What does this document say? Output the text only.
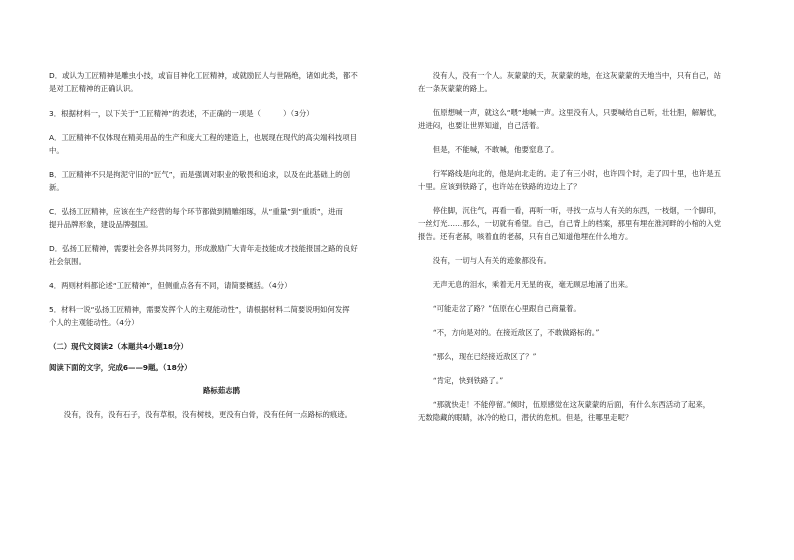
D．或认为工匠精神是雕虫小技，或盲目神化工匠精神，或就励匠人与世隔绝，诸如此类，都不

是对工匠精神的正确认识。

3．根据材料一，以下关于“工匠精神”的表述，不正确的一项是（　　　）（3分）

A．工匠精神不仅体现在精美用品的生产和庞大工程的建造上，也展现在现代的高尖端科技项目

中。

B．工匠精神不只是拘泥守旧的“匠气”，而是强调对职业的敬畏和追求，以及在此基础上的创

新。

C．弘扬工匠精神，应该在生产经营的每个环节都做到精雕细琢，从“重量”到“重质”，进而

提升品牌形象，建设品牌强国。

D．弘扬工匠精神，需要社会各界共同努力，形成激励广大青年走技能成才技能报国之路的良好

社会氛围。

4．两则材料都论述“工匠精神”，但侧重点各有不同，请简要概括。（4分）

5．材料一说“弘扬工匠精神，需要发挥个人的主观能动性”，请根据材料二简要说明如何发挥

个人的主观能动性。（4分）

（二）现代文阅读2（本题共4小题18分）

阅读下面的文字，完成6——9题。（18分）

路标茹志鹃

没有，没有，没有石子，没有草根，没有树枝，更没有白骨，没有任何一点路标的痕迹。

没有人，没有一个人。灰蒙蒙的天，灰蒙蒙的地，在这灰蒙蒙的天地当中，只有自己，站

在一条灰蒙蒙的路上。

伍原想喊一声，就这么“喂”地喊一声。这里没有人，只要喊给自己听，壮壮胆，解解忧，

进进闷，也要让世界知道，自己活着。

但是，不能喊，不敢喊，他要窒息了。

行军路线是向北的，他是向北走的。走了有三小时，也许四个时，走了四十里，也许是五

十里。应该到铁路了，也许站在铁路的边边上了？

停住脚，沉住气，再看一看，再听一听，寻找一点与人有关的东西，一枝烟，一个脚印，

一丝灯光……那么，一切就有希望。自己，自己背上的档案，那里有埋在淮河畔的小棺的入党

报告。还有老郝，咳着血的老郝，只有自己知道他埋在什么地方。

没有，一切与人有关的迹象都没有。

无声无息的泪水，乘着无月无星的夜，毫无顾忌地涌了出来。

“可能走岔了路？”伍原在心里跟自己商量着。

“不，方向是对的。在接近敌区了，不敢做路标的。”

“那么，现在已经接近敌区了？”

“肯定，快到铁路了。”

“那就快走！不能停留。”倾时，伍原感觉在这灰蒙蒙的后面，有什么东西活动了起来，

无数隐藏的眼睛，冰冷的枪口，潜伏的危机。但是，往哪里走呢？
